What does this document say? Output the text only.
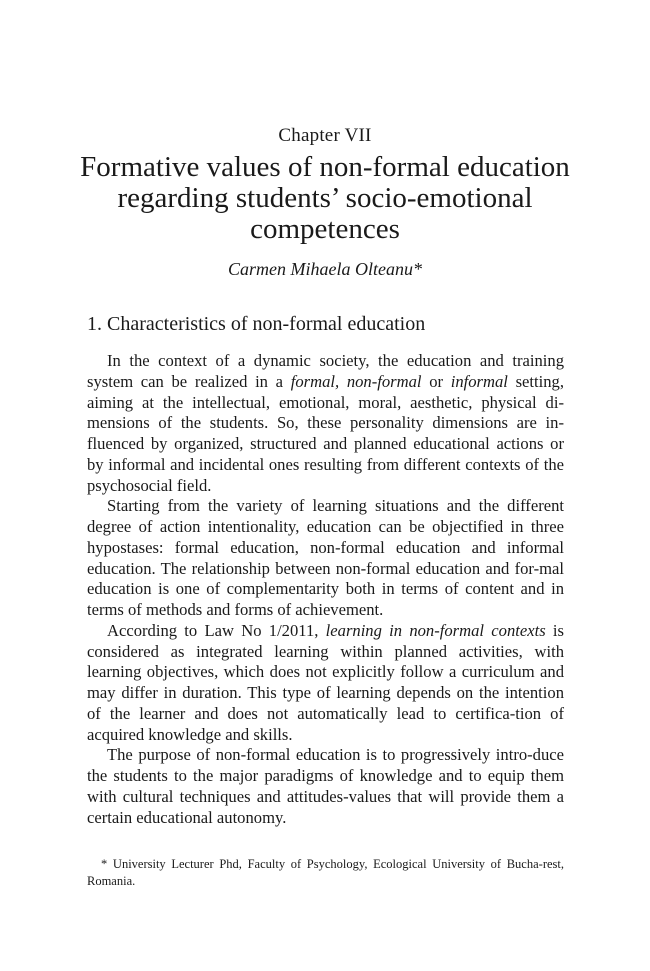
Chapter VII
Formative values of non-formal education regarding students’ socio-emotional competences
Carmen Mihaela Olteanu*
1. Characteristics of non-formal education

In the context of a dynamic society, the education and training system can be realized in a formal, non-formal or informal setting, aiming at the intellectual, emotional, moral, aesthetic, physical di-mensions of the students. So, these personality dimensions are in-fluenced by organized, structured and planned educational actions or by informal and incidental ones resulting from different contexts of the psychosocial field.

Starting from the variety of learning situations and the different degree of action intentionality, education can be objectified in three hypostases: formal education, non-formal education and informal education. The relationship between non-formal education and for-mal education is one of complementarity both in terms of content and in terms of methods and forms of achievement.

According to Law No 1/2011, learning in non-formal contexts is considered as integrated learning within planned activities, with learning objectives, which does not explicitly follow a curriculum and may differ in duration. This type of learning depends on the intention of the learner and does not automatically lead to certifica-tion of acquired knowledge and skills.

The purpose of non-formal education is to progressively intro-duce the students to the major paradigms of knowledge and to equip them with cultural techniques and attitudes-values that will provide them a certain educational autonomy.

* University Lecturer Phd, Faculty of Psychology, Ecological University of Bucha-rest, Romania.
